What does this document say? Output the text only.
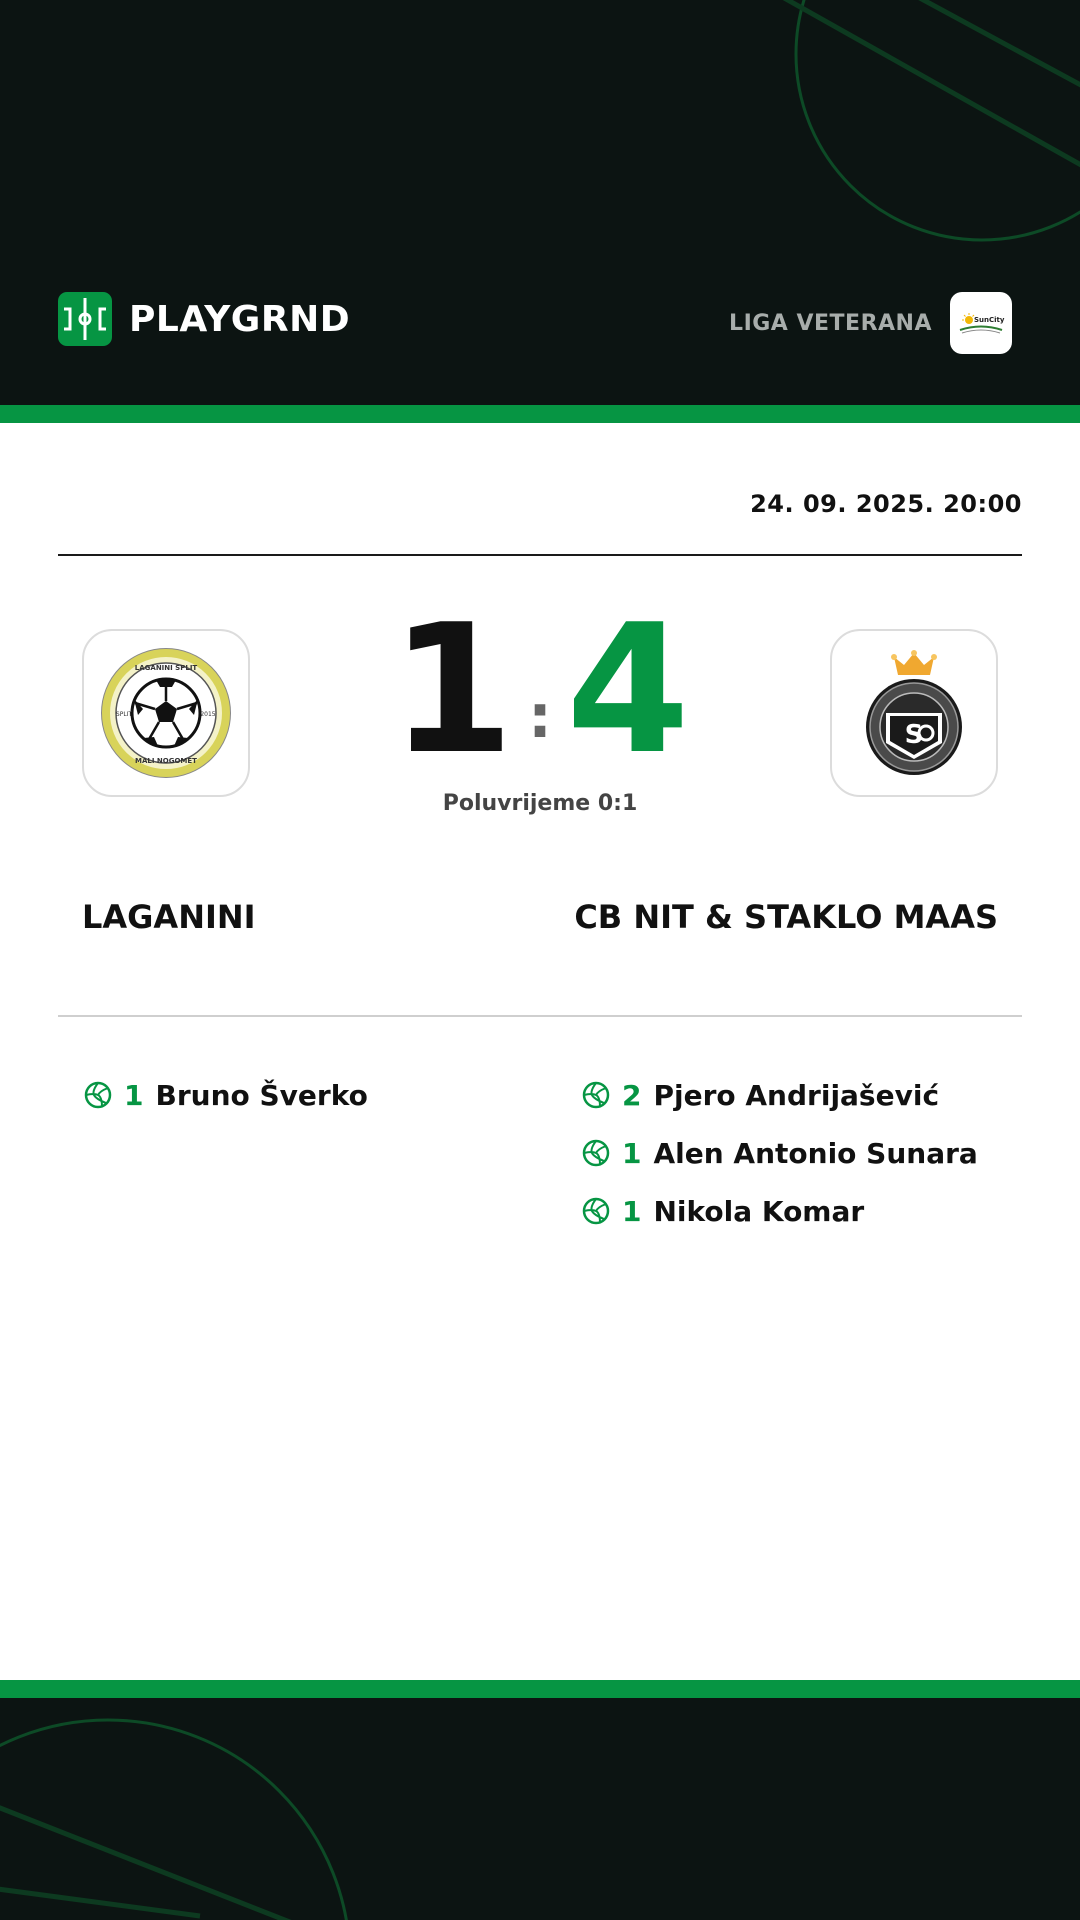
PLAYGRND	LIGA VETERANA	SunCity
24. 09. 2025. 20:00
LAGANINI SPLIT
MALI NOGOMET
SPLIT	2015
S
1 :4
Poluvrijeme 0:1
LAGANINI	CB NIT & STAKLO MAAS
1 Bruno Šverko	2 Pjero Andrijašević
1 Alen Antonio Sunara
1 Nikola Komar
